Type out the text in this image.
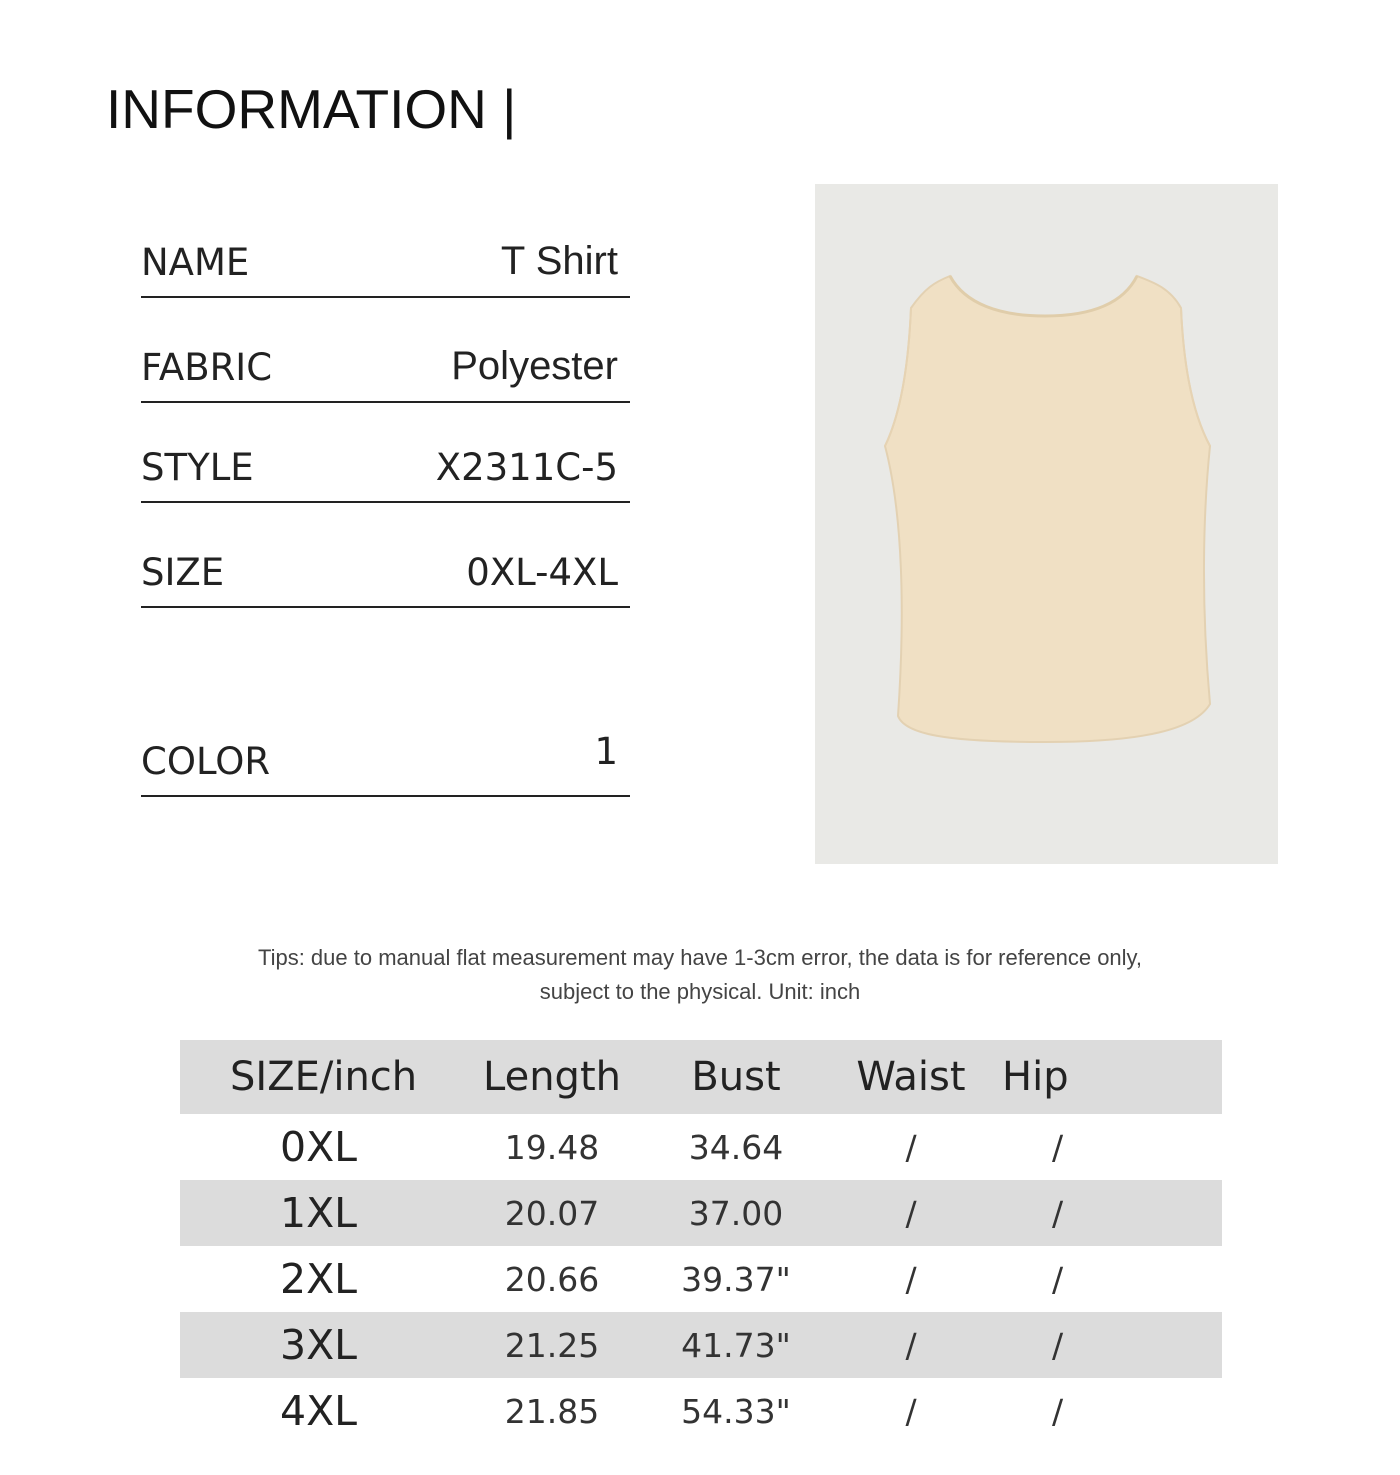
INFORMATION |
NAME	T Shirt
FABRIC	Polyester
STYLE	X2311C-5
SIZE	0XL-4XL
COLOR	1
Tips: due to manual flat measurement may have 1-3cm error, the data is for reference only,
subject to the physical. Unit: inch
SIZE/inch	Length	Bust	Waist	Hip
0XL	19.48	34.64	/	/
1XL	20.07	37.00	/	/
2XL	20.66	39.37"	/	/
3XL	21.25	41.73"	/	/
4XL	21.85	54.33"	/	/
